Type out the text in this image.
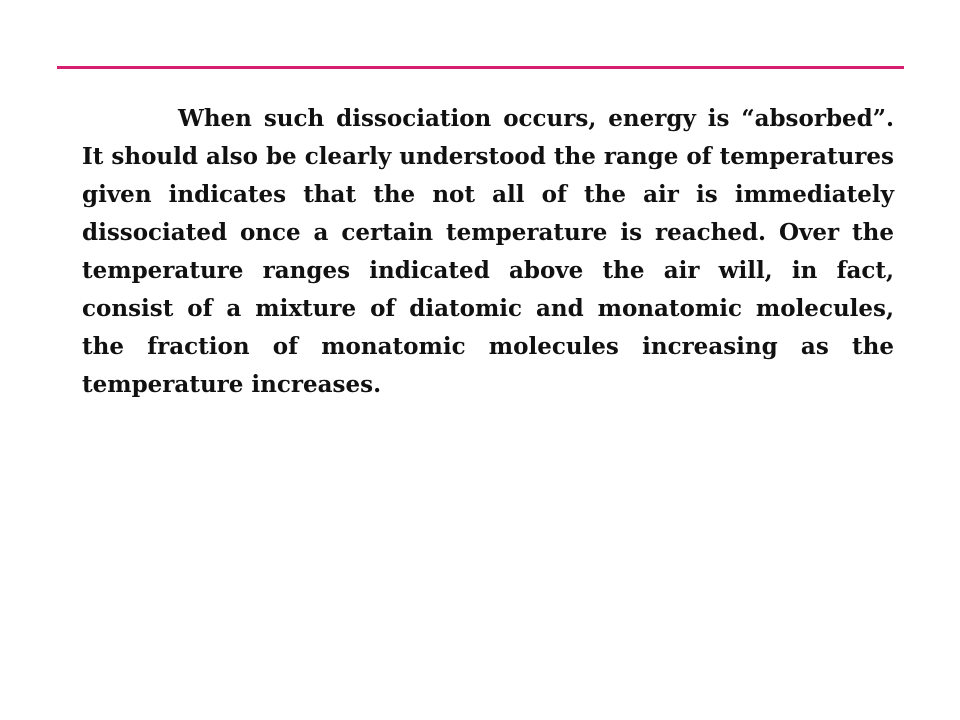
When such dissociation occurs, energy is “absorbed”. It should also be clearly understood the range of temperatures given indicates that the not all of the air is immediately dissociated once a certain temperature is reached. Over the temperature ranges indicated above the air will, in fact, consist of a mixture of diatomic and monatomic molecules, the fraction of monatomic molecules increasing as the temperature increases.
